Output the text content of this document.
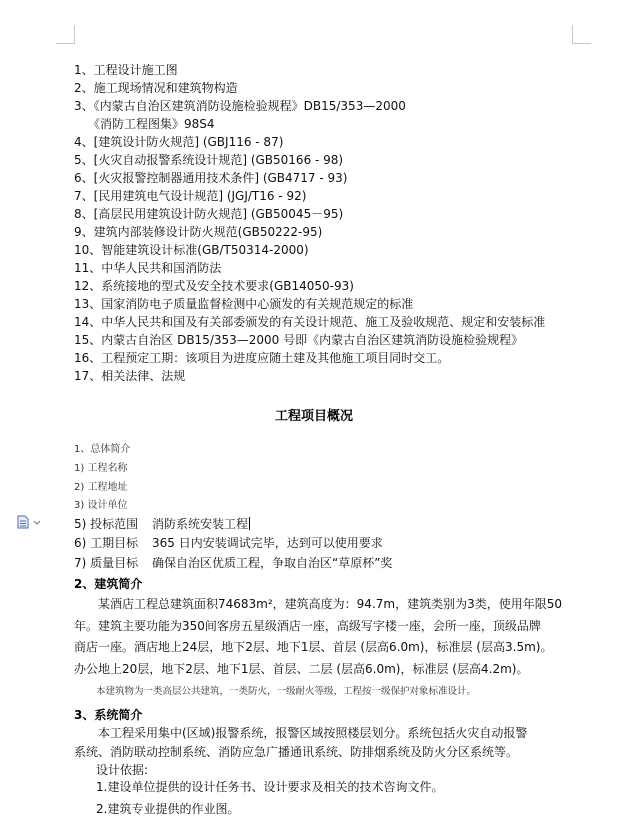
1、工程设计施工图
2、施工现场情况和建筑物构造
3、《内蒙古自治区建筑消防设施检验规程》DB15/353—2000
《消防工程图集》98S4
4、[建筑设计防火规范] (GBJ116 - 87)
5、[火灾自动报警系统设计规范] (GB50166 - 98)
6、[火灾报警控制器通用技术条件] (GB4717 - 93)
7、[民用建筑电气设计规范] (JGJ/T16 - 92)
8、[高层民用建筑设计防火规范] (GB50045－95)
9、建筑内部装修设计防火规范(GB50222-95)
10、智能建筑设计标准(GB/T50314-2000)
11、中华人民共和国消防法
12、系统接地的型式及安全技术要求(GB14050-93)
13、国家消防电子质量监督检测中心颁发的有关规范规定的标准
14、中华人民共和国及有关部委颁发的有关设计规范、施工及验收规范、规定和安装标准
15、内蒙古自治区 DB15/353—2000 号即《内蒙古自治区建筑消防设施检验规程》
16、工程预定工期：该项目为进度应随土建及其他施工项目同时交工。
17、相关法律、法规
工程项目概况
1、总体简介
1) 工程名称
2) 工程地址
3) 设计单位
5) 投标范围 消防系统安装工程
6) 工期目标 365 日内安装调试完毕，达到可以使用要求
7) 质量目标 确保自治区优质工程，争取自治区“草原杯”奖
2、建筑简介

某酒店工程总建筑面积74683m²，建筑高度为：94.7m，建筑类别为3类，使用年限50

年。建筑主要功能为350间客房五星级酒店一座，高级写字楼一座，会所一座，顶级品牌

商店一座。酒店地上24层，地下2层、地下1层、首层 (层高6.0m)，标准层 (层高3.5m)。

办公地上20层，地下2层、地下1层、首层、二层 (层高6.0m)，标准层 (层高4.2m)。

本建筑物为一类高层公共建筑，一类防火，一级耐火等级，工程按一级保护对象标准设计。
3、系统简介

本工程采用集中(区域)报警系统，报警区域按照楼层划分。系统包括火灾自动报警

系统、消防联动控制系统、消防应急广播通讯系统、防排烟系统及防火分区系统等。

设计依据:
1.建设单位提供的设计任务书、设计要求及相关的技术咨询文件。
2.建筑专业提供的作业图。
